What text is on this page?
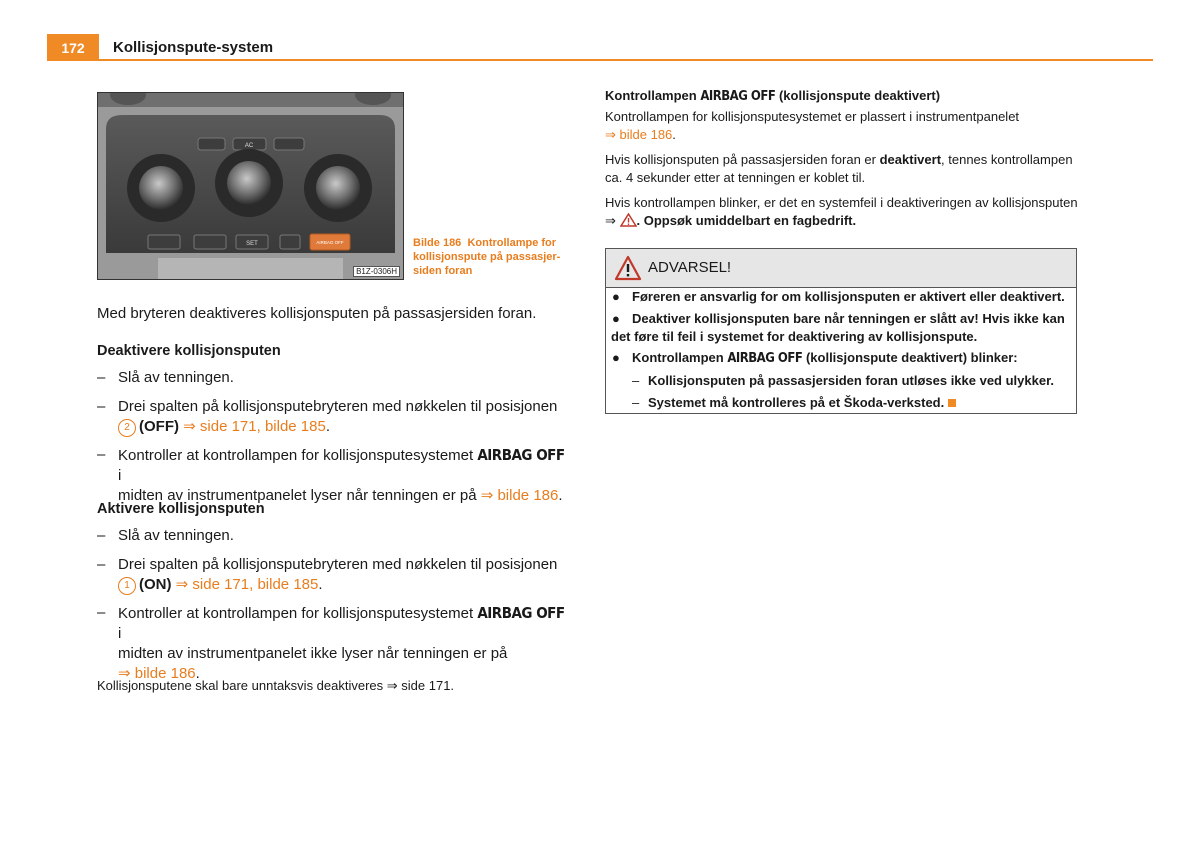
172	Kollisjonspute-system
AC
SET	AIRBAG OFF
B1Z-0306H
Bilde 186 Kontrollampe for kollisjonspute på passasjer-siden foran
Med bryteren deaktiveres kollisjonsputen på passasjersiden foran.
Deaktivere kollisjonsputen
– Slå av tenningen.
– Drei spalten på kollisjonsputebryteren med nøkkelen til posisjonen
2 (OFF) ⇒ side 171, bilde 185.
– Kontroller at kontrollampen for kollisjonsputesystemet AIRBAG OFF i
midten av instrumentpanelet lyser når tenningen er på ⇒ bilde 186.
Aktivere kollisjonsputen
– Slå av tenningen.
– Drei spalten på kollisjonsputebryteren med nøkkelen til posisjonen
1 (ON) ⇒ side 171, bilde 185.
– Kontroller at kontrollampen for kollisjonsputesystemet AIRBAG OFF i
midten av instrumentpanelet ikke lyser når tenningen er på
⇒ bilde 186.
Kollisjonsputene skal bare unntaksvis deaktiveres ⇒ side 171.
Kontrollampen AIRBAG OFF (kollisjonspute deaktivert)
Kontrollampen for kollisjonsputesystemet er plassert i instrumentpanelet
⇒ bilde 186.
Hvis kollisjonsputen på passasjersiden foran er deaktivert, tennes kontrollampen
ca. 4 sekunder etter at tenningen er koblet til.
Hvis kontrollampen blinker, er det en systemfeil i deaktiveringen av kollisjonsputen
⇒ . Oppsøk umiddelbart en fagbedrift.
ADVARSEL!
● Føreren er ansvarlig for om kollisjonsputen er aktivert eller deaktivert.
● Deaktiver kollisjonsputen bare når tenningen er slått av! Hvis ikke kan
det føre til feil i systemet for deaktivering av kollisjonspute.
● Kontrollampen AIRBAG OFF (kollisjonspute deaktivert) blinker:
– Kollisjonsputen på passasjersiden foran utløses ikke ved ulykker.
– Systemet må kontrolleres på et Škoda-verksted.
